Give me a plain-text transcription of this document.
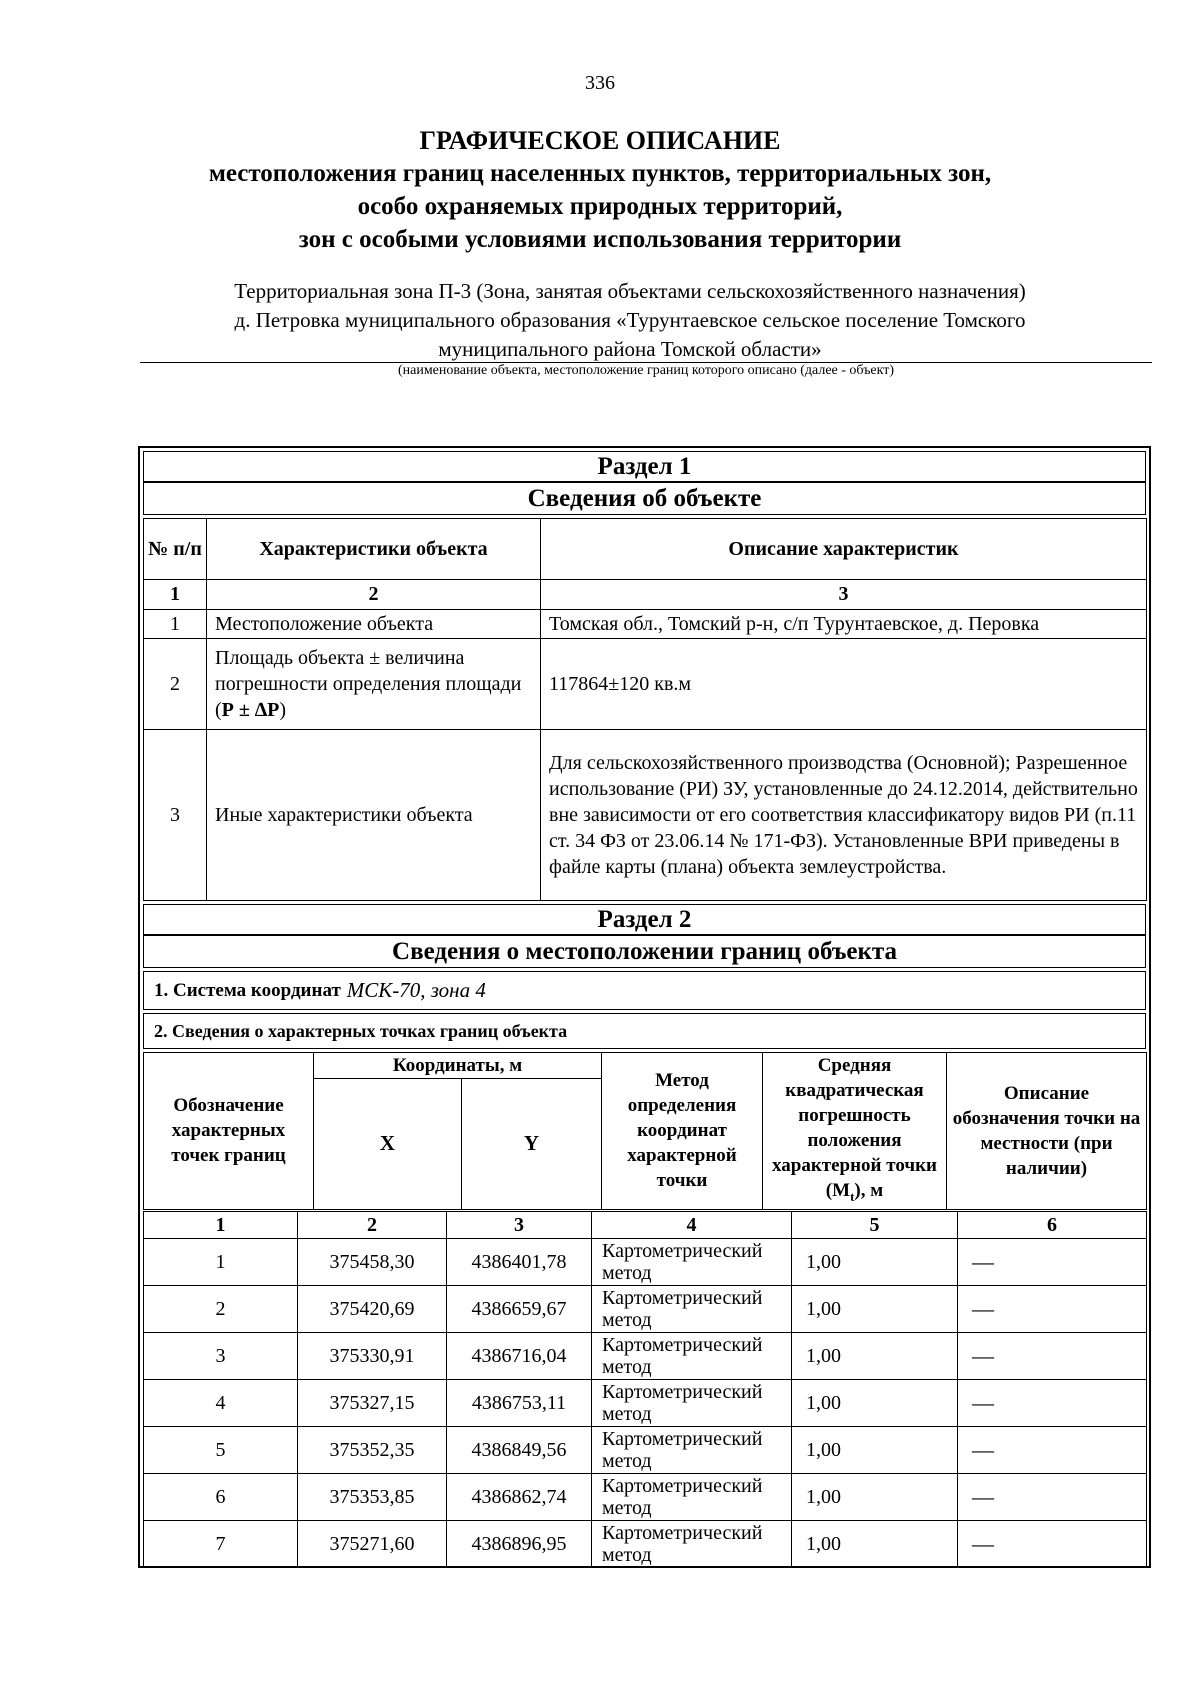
336
ГРАФИЧЕСКОЕ ОПИСАНИЕ
местоположения границ населенных пунктов, территориальных зон,
особо охраняемых природных территорий,
зон с особыми условиями использования территории
Территориальная зона П-3 (Зона, занятая объектами сельскохозяйственного назначения)
д. Петровка муниципального образования «Турунтаевское сельское поселение Томского
муниципального района Томской области»
(наименование объекта, местоположение границ которого описано (далее - объект)
Раздел 1
Сведения об объекте
№ п/п	Характеристики объекта	Описание характеристик
1	2	3
1	Местоположение объекта	Томская обл., Томский р-н, с/п Турунтаевское, д. Перовка
2	Площадь объекта ± величина погрешности определения площади (Р ± ∆Р)	117864±120 кв.м
3	Иные характеристики объекта	Для сельскохозяйственного производства (Основной); Разрешенное использование (РИ) ЗУ, установленные до 24.12.2014, действительно вне зависимости от его соответствия классификатору видов РИ (п.11 ст. 34 ФЗ от 23.06.14 № 171-ФЗ). Установленные ВРИ приведены в файле карты (плана) объекта землеустройства.
Раздел 2
Сведения о местоположении границ объекта
1. Система координат МСК-70, зона 4
2. Сведения о характерных точках границ объекта
Обозначение характерных точек границ	Координаты, м		Метод определения координат характерной точки	Средняя квадратическая погрешность положения характерной точки $(M_t)$, м	Описание обозначения точки на местности (при наличии)
	X	Y			
1	2	3	4	5	6
1	375458,30	4386401,78	Картометрический метод	1,00	—
2	375420,69	4386659,67	Картометрический метод	1,00	—
3	375330,91	4386716,04	Картометрический метод	1,00	—
4	375327,15	4386753,11	Картометрический метод	1,00	—
5	375352,35	4386849,56	Картометрический метод	1,00	—
6	375353,85	4386862,74	Картометрический метод	1,00	—
7	375271,60	4386896,95	Картометрический метод	1,00	—
